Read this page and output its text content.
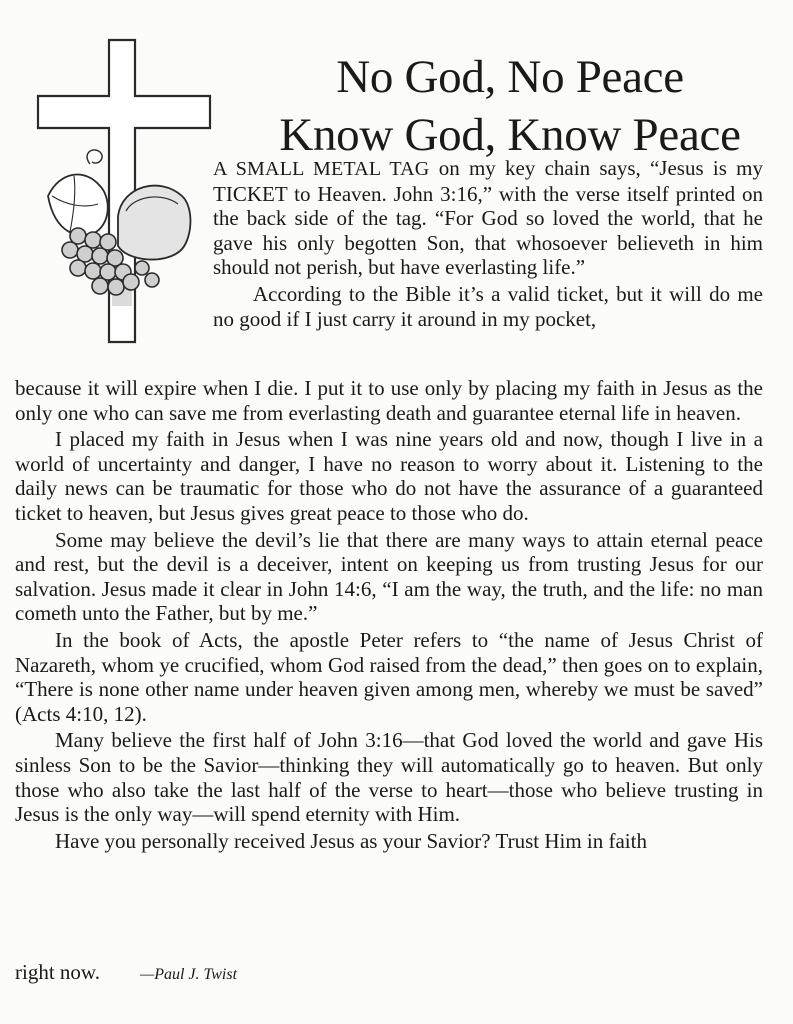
No God, No Peace
Know God, Know Peace

A SMALL METAL TAG on my key chain says, “Jesus is my TICKET to Heaven. John 3:16,” with the verse itself printed on the back side of the tag. “For God so loved the world, that he gave his only begotten Son, that whosoever believeth in him should not perish, but have everlasting life.”

According to the Bible it’s a valid ticket, but it will do me no good if I just carry it around in my pocket,

because it will expire when I die. I put it to use only by placing my faith in Jesus as the only one who can save me from everlasting death and guarantee eternal life in heaven.

I placed my faith in Jesus when I was nine years old and now, though I live in a world of uncertainty and danger, I have no reason to worry about it. Listening to the daily news can be traumatic for those who do not have the assurance of a guaranteed ticket to heaven, but Jesus gives great peace to those who do.

Some may believe the devil’s lie that there are many ways to attain eternal peace and rest, but the devil is a deceiver, intent on keeping us from trusting Jesus for our salvation. Jesus made it clear in John 14:6, “I am the way, the truth, and the life: no man cometh unto the Father, but by me.”

In the book of Acts, the apostle Peter refers to “the name of Jesus Christ of Nazareth, whom ye crucified, whom God raised from the dead,” then goes on to explain, “There is none other name under heaven given among men, whereby we must be saved” (Acts 4:10, 12).

Many believe the first half of John 3:16—that God loved the world and gave His sinless Son to be the Savior—thinking they will automatically go to heaven. But only those who also take the last half of the verse to heart—those who believe trusting in Jesus is the only way—will spend eternity with Him.

Have you personally received Jesus as your Savior? Trust Him in faith

right now.	—Paul J. Twist
